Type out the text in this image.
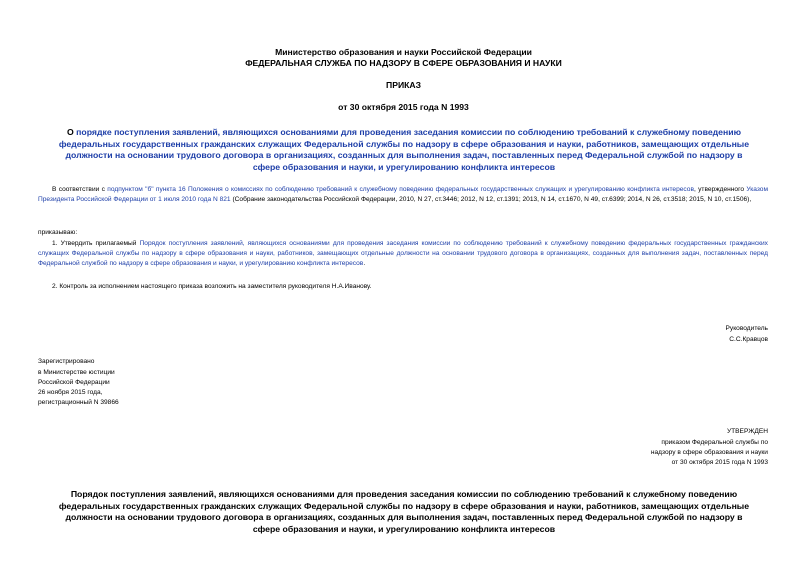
Министерство образования и науки Российской Федерации
ФЕДЕРАЛЬНАЯ СЛУЖБА ПО НАДЗОРУ В СФЕРЕ ОБРАЗОВАНИЯ И НАУКИ
ПРИКАЗ
от 30 октября 2015 года N 1993
О порядке поступления заявлений, являющихся основаниями для проведения заседания комиссии по соблюдению требований к служебному поведению федеральных государственных гражданских служащих Федеральной службы по надзору в сфере образования и науки, работников, замещающих отдельные должности на основании трудового договора в организациях, созданных для выполнения задач, поставленных перед Федеральной службой по надзору в сфере образования и науки, и урегулированию конфликта интересов
В соответствии с подпунктом "б" пункта 16 Положения о комиссиях по соблюдению требований к служебному поведению федеральных государственных служащих и урегулированию конфликта интересов, утвержденного Указом Президента Российской Федерации от 1 июля 2010 года N 821 (Собрание законодательства Российской Федерации, 2010, N 27, ст.3446; 2012, N 12, ст.1391; 2013, N 14, ст.1670, N 49, ст.6399; 2014, N 26, ст.3518; 2015, N 10, ст.1506),
приказываю:
1. Утвердить прилагаемый Порядок поступления заявлений, являющихся основаниями для проведения заседания комиссии по соблюдению требований к служебному поведению федеральных государственных гражданских служащих Федеральной службы по надзору в сфере образования и науки, работников, замещающих отдельные должности на основании трудового договора в организациях, созданных для выполнения задач, поставленных перед Федеральной службой по надзору в сфере образования и науки, и урегулированию конфликта интересов.
2. Контроль за исполнением настоящего приказа возложить на заместителя руководителя Н.А.Иванову.
Руководитель
С.С.Кравцов
Зарегистрировано
в Министерстве юстиции
Российской Федерации
26 ноября 2015 года,
регистрационный N 39866
УТВЕРЖДЕН
приказом Федеральной службы по
надзору в сфере образования и науки
от 30 октября 2015 года N 1993
Порядок поступления заявлений, являющихся основаниями для проведения заседания комиссии по соблюдению требований к служебному поведению федеральных государственных гражданских служащих Федеральной службы по надзору в сфере образования и науки, работников, замещающих отдельные должности на основании трудового договора в организациях, созданных для выполнения задач, поставленных перед Федеральной службой по надзору в сфере образования и науки, и урегулированию конфликта интересов
